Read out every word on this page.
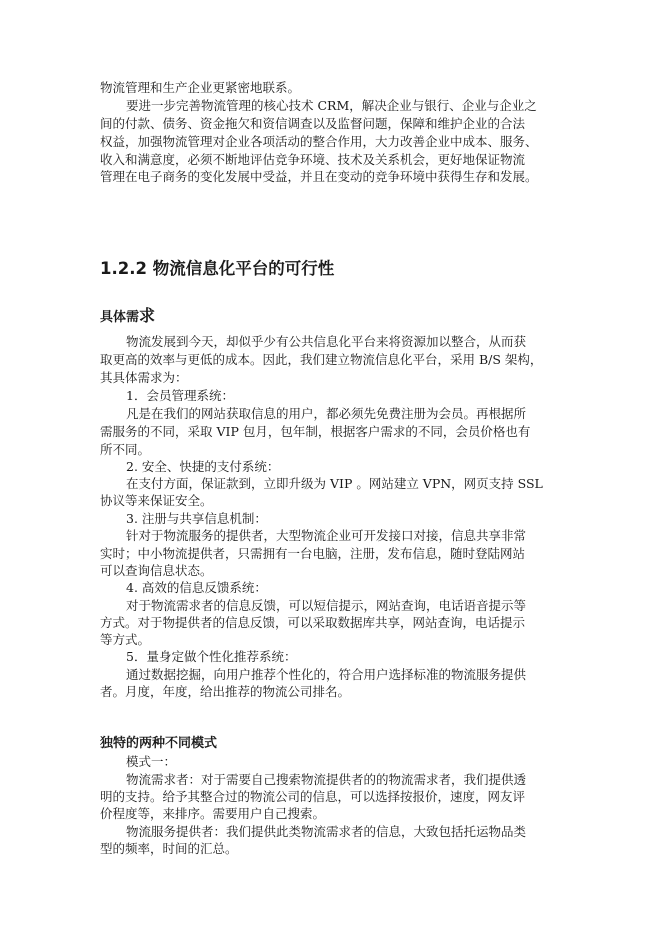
物流管理和生产企业更紧密地联系。
要进一步完善物流管理的核心技术 CRM，解决企业与银行、企业与企业之
间的付款、债务、资金拖欠和资信调查以及监督问题，保障和维护企业的合法
权益，加强物流管理对企业各项活动的整合作用，大力改善企业中成本、服务、
收入和满意度，必须不断地评估竞争环境、技术及关系机会，更好地保证物流
管理在电子商务的变化发展中受益，并且在变动的竞争环境中获得生存和发展。
1.2.2 物流信息化平台的可行性
具体需求
物流发展到今天，却似乎少有公共信息化平台来将资源加以整合，从而获
取更高的效率与更低的成本。因此，我们建立物流信息化平台，采用 B/S 架构，
其具体需求为：
1．会员管理系统：
凡是在我们的网站获取信息的用户，都必须先免费注册为会员。再根据所
需服务的不同，采取 VIP 包月，包年制，根据客户需求的不同，会员价格也有
所不同。
2. 安全、快捷的支付系统：
在支付方面，保证款到，立即升级为 VIP 。网站建立 VPN，网页支持 SSL
协议等来保证安全。
3. 注册与共享信息机制：
针对于物流服务的提供者，大型物流企业可开发接口对接，信息共享非常
实时；中小物流提供者，只需拥有一台电脑，注册，发布信息，随时登陆网站
可以查询信息状态。
4. 高效的信息反馈系统：
对于物流需求者的信息反馈，可以短信提示，网站查询，电话语音提示等
方式。对于物提供者的信息反馈，可以采取数据库共享，网站查询，电话提示
等方式。
5．量身定做个性化推荐系统：
通过数据挖掘，向用户推荐个性化的，符合用户选择标准的物流服务提供
者。月度，年度，给出推荐的物流公司排名。
独特的两种不同模式
模式一：
物流需求者：对于需要自己搜索物流提供者的的物流需求者，我们提供透
明的支持。给予其整合过的物流公司的信息，可以选择按报价，速度，网友评
价程度等，来排序。需要用户自己搜索。
物流服务提供者：我们提供此类物流需求者的信息，大致包括托运物品类
型的频率，时间的汇总。
